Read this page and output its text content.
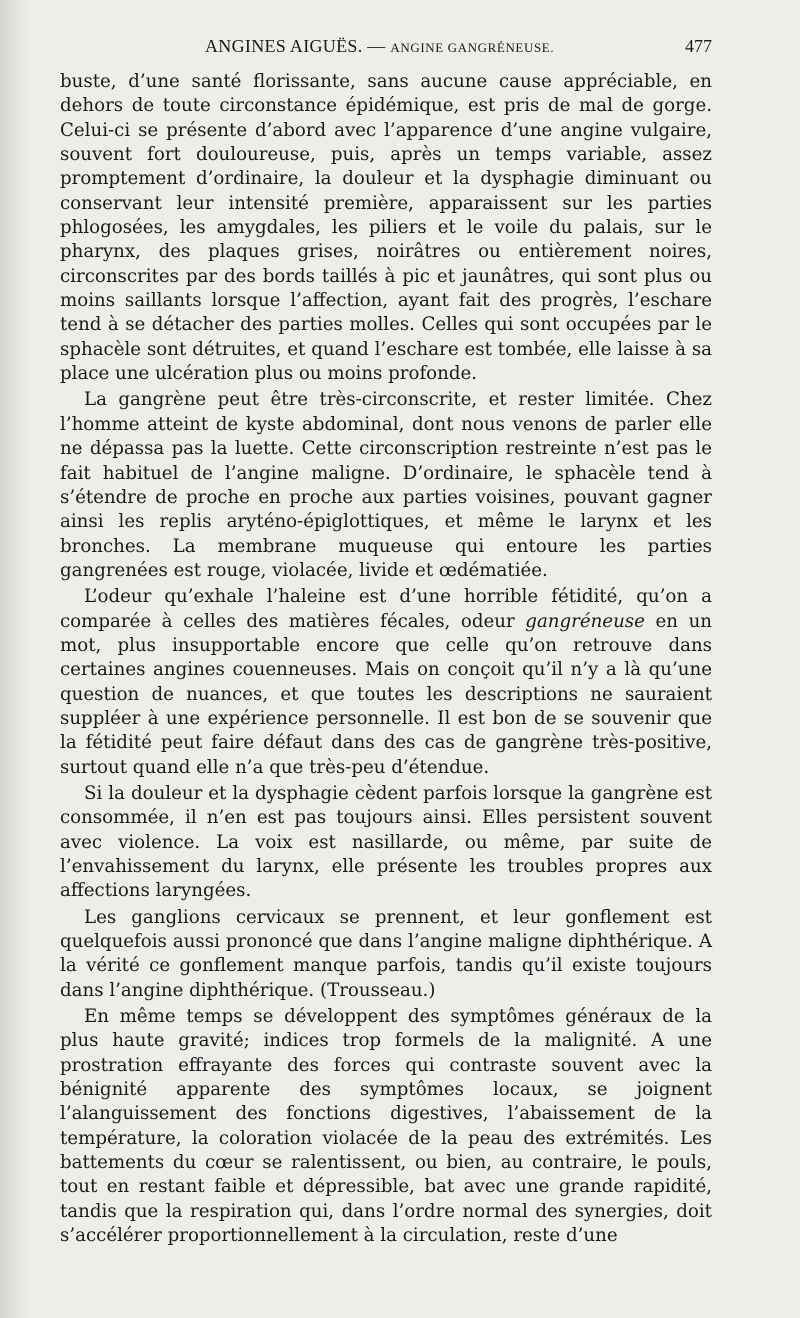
ANGINES AIGUËS. — ANGINE GANGRÉNEUSE.	477

buste, d’une santé florissante, sans aucune cause appréciable, en dehors de toute circonstance épidémique, est pris de mal de gorge. Celui-ci se présente d’abord avec l’apparence d’une angine vulgaire, souvent fort douloureuse, puis, après un temps variable, assez promptement d’ordinaire, la douleur et la dysphagie diminuant ou conservant leur intensité première, apparaissent sur les parties phlogosées, les amygdales, les piliers et le voile du palais, sur le pharynx, des plaques grises, noirâtres ou entièrement noires, circonscrites par des bords taillés à pic et jaunâtres, qui sont plus ou moins saillants lorsque l’affection, ayant fait des progrès, l’eschare tend à se détacher des parties molles. Celles qui sont occupées par le sphacèle sont détruites, et quand l’eschare est tombée, elle laisse à sa place une ulcération plus ou moins profonde.

La gangrène peut être très-circonscrite, et rester limitée. Chez l’homme atteint de kyste abdominal, dont nous venons de parler elle ne dépassa pas la luette. Cette circonscription restreinte n’est pas le fait habituel de l’angine maligne. D’ordinaire, le sphacèle tend à s’étendre de proche en proche aux parties voisines, pouvant gagner ainsi les replis aryténo-épiglottiques, et même le larynx et les bronches. La membrane muqueuse qui entoure les parties gangrenées est rouge, violacée, livide et œdématiée.

L’odeur qu’exhale l’haleine est d’une horrible fétidité, qu’on a comparée à celles des matières fécales, odeur gangréneuse en un mot, plus insupportable encore que celle qu’on retrouve dans certaines angines couenneuses. Mais on conçoit qu’il n’y a là qu’une question de nuances, et que toutes les descriptions ne sauraient suppléer à une expérience personnelle. Il est bon de se souvenir que la fétidité peut faire défaut dans des cas de gangrène très-positive, surtout quand elle n’a que très-peu d’étendue.

Si la douleur et la dysphagie cèdent parfois lorsque la gangrène est consommée, il n’en est pas toujours ainsi. Elles persistent souvent avec violence. La voix est nasillarde, ou même, par suite de l’envahissement du larynx, elle présente les troubles propres aux affections laryngées.

Les ganglions cervicaux se prennent, et leur gonflement est quelquefois aussi prononcé que dans l’angine maligne diphthérique. A la vérité ce gonflement manque parfois, tandis qu’il existe toujours dans l’angine diphthérique. (Trousseau.)

En même temps se développent des symptômes généraux de la plus haute gravité; indices trop formels de la malignité. A une prostration effrayante des forces qui contraste souvent avec la bénignité apparente des symptômes locaux, se joignent l’alanguissement des fonctions digestives, l’abaissement de la température, la coloration violacée de la peau des extrémités. Les battements du cœur se ralentissent, ou bien, au contraire, le pouls, tout en restant faible et dépressible, bat avec une grande rapidité, tandis que la respiration qui, dans l’ordre normal des synergies, doit s’accélérer proportionnellement à la circulation, reste d’une
